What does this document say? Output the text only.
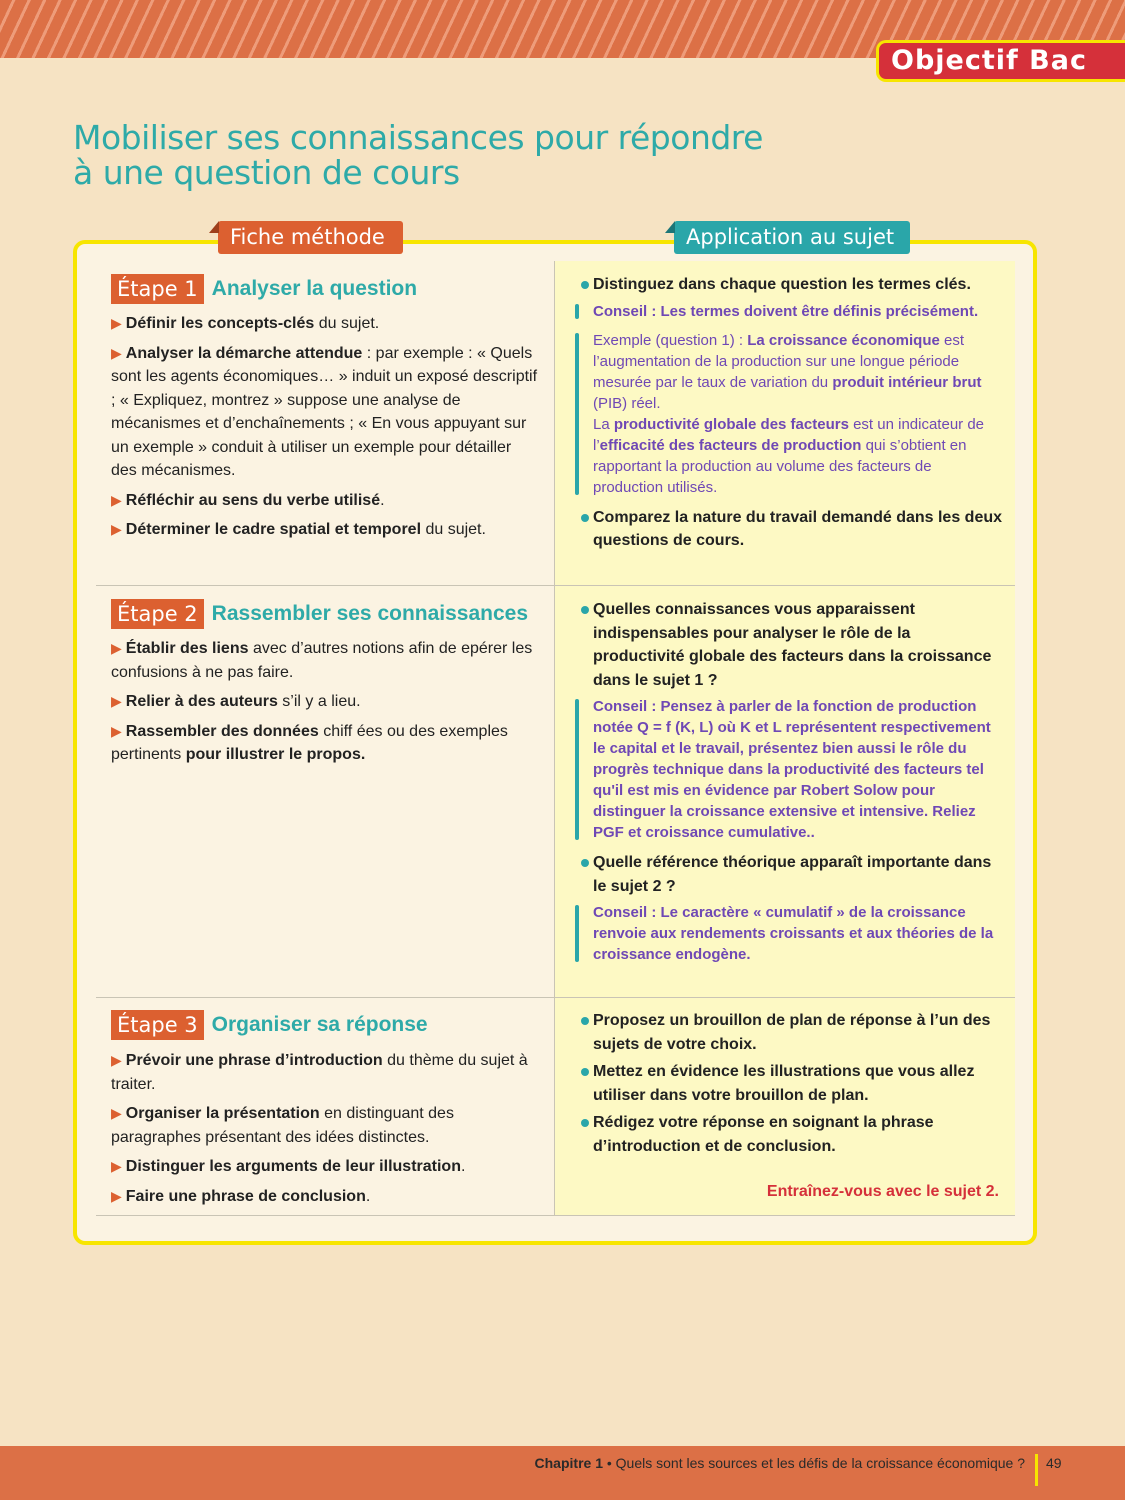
Objectif Bac
Mobiliser ses connaissances pour répondre
à une question de cours
Fiche méthode	Application au sujet
Étape 1 Analyser la question

▶ Définir les concepts-clés du sujet.

▶ Analyser la démarche attendue : par exemple : « Quels sont les agents économiques… » induit un exposé descriptif ; « Expliquez, montrez » suppose une analyse de mécanismes et d’enchaînements ; « En vous appuyant sur un exemple » conduit à utiliser un exemple pour détailler des mécanismes.

▶ Réfléchir au sens du verbe utilisé.

▶ Déterminer le cadre spatial et temporel du sujet.

Distinguez dans chaque question les termes clés.
Conseil : Les termes doivent être définis précisément.
Exemple (question 1) : La croissance économique est l’augmentation de la production sur une longue période mesurée par le taux de variation du produit intérieur brut (PIB) réel.
La productivité globale des facteurs est un indicateur de l’efficacité des facteurs de production qui s’obtient en rapportant la production au volume des facteurs de production utilisés.
Comparez la nature du travail demandé dans les deux questions de cours.
Étape 2 Rassembler ses connaissances

▶ Établir des liens avec d’autres notions afin de epérer les confusions à ne pas faire.

▶ Relier à des auteurs s’il y a lieu.

▶ Rassembler des données chiff ées ou des exemples pertinents pour illustrer le propos.

Quelles connaissances vous apparaissent indispensables pour analyser le rôle de la productivité globale des facteurs dans la croissance dans le sujet 1 ?
Conseil : Pensez à parler de la fonction de production notée Q = f (K, L) où K et L représentent respectivement le capital et le travail, présentez bien aussi le rôle du progrès technique dans la productivité des facteurs tel qu'il est mis en évidence par Robert Solow pour distinguer la croissance extensive et intensive. Reliez PGF et croissance cumulative..
Quelle référence théorique apparaît importante dans le sujet 2 ?
Conseil : Le caractère « cumulatif » de la croissance renvoie aux rendements croissants et aux théories de la croissance endogène.
Étape 3 Organiser sa réponse

▶ Prévoir une phrase d’introduction du thème du sujet à traiter.

▶ Organiser la présentation en distinguant des paragraphes présentant des idées distinctes.

▶ Distinguer les arguments de leur illustration.

▶ Faire une phrase de conclusion.

Proposez un brouillon de plan de réponse à l’un des sujets de votre choix.
Mettez en évidence les illustrations que vous allez utiliser dans votre brouillon de plan.
Rédigez votre réponse en soignant la phrase d’introduction et de conclusion.
Entraînez-vous avec le sujet 2.
Chapitre 1 • Quels sont les sources et les défis de la croissance économique ? 49
